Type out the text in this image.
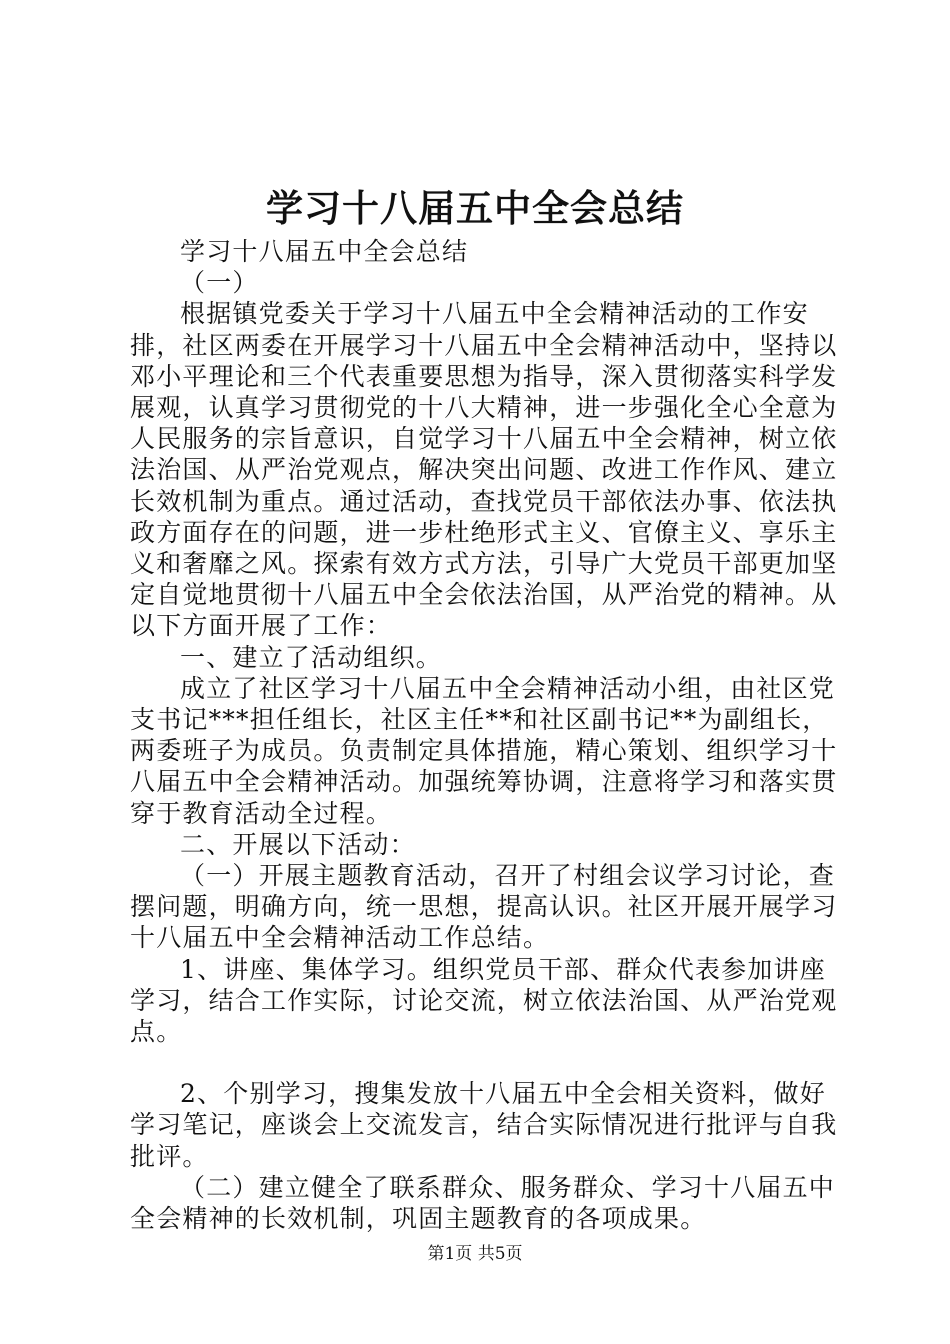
学习十八届五中全会总结

学习十八届五中全会总结

（一）

根据镇党委关于学习十八届五中全会精神活动的工作安排，社区两委在开展学习十八届五中全会精神活动中，坚持以邓小平理论和三个代表重要思想为指导，深入贯彻落实科学发展观，认真学习贯彻党的十八大精神，进一步强化全心全意为人民服务的宗旨意识，自觉学习十八届五中全会精神，树立依法治国、从严治党观点，解决突出问题、改进工作作风、建立长效机制为重点。通过活动，查找党员干部依法办事、依法执政方面存在的问题，进一步杜绝形式主义、官僚主义、享乐主义和奢靡之风。探索有效方式方法，引导广大党员干部更加坚定自觉地贯彻十八届五中全会依法治国，从严治党的精神。从以下方面开展了工作：

一、建立了活动组织。

成立了社区学习十八届五中全会精神活动小组，由社区党支书记***担任组长，社区主任**和社区副书记**为副组长，两委班子为成员。负责制定具体措施，精心策划、组织学习十八届五中全会精神活动。加强统筹协调，注意将学习和落实贯穿于教育活动全过程。

二、开展以下活动：

（一）开展主题教育活动，召开了村组会议学习讨论，查摆问题，明确方向，统一思想，提高认识。社区开展开展学习十八届五中全会精神活动工作总结。

1、讲座、集体学习。组织党员干部、群众代表参加讲座学习，结合工作实际，讨论交流，树立依法治国、从严治党观点。

2、个别学习，搜集发放十八届五中全会相关资料，做好学习笔记，座谈会上交流发言，结合实际情况进行批评与自我批评。

（二）建立健全了联系群众、服务群众、学习十八届五中全会精神的长效机制，巩固主题教育的各项成果。

第1页 共5页
